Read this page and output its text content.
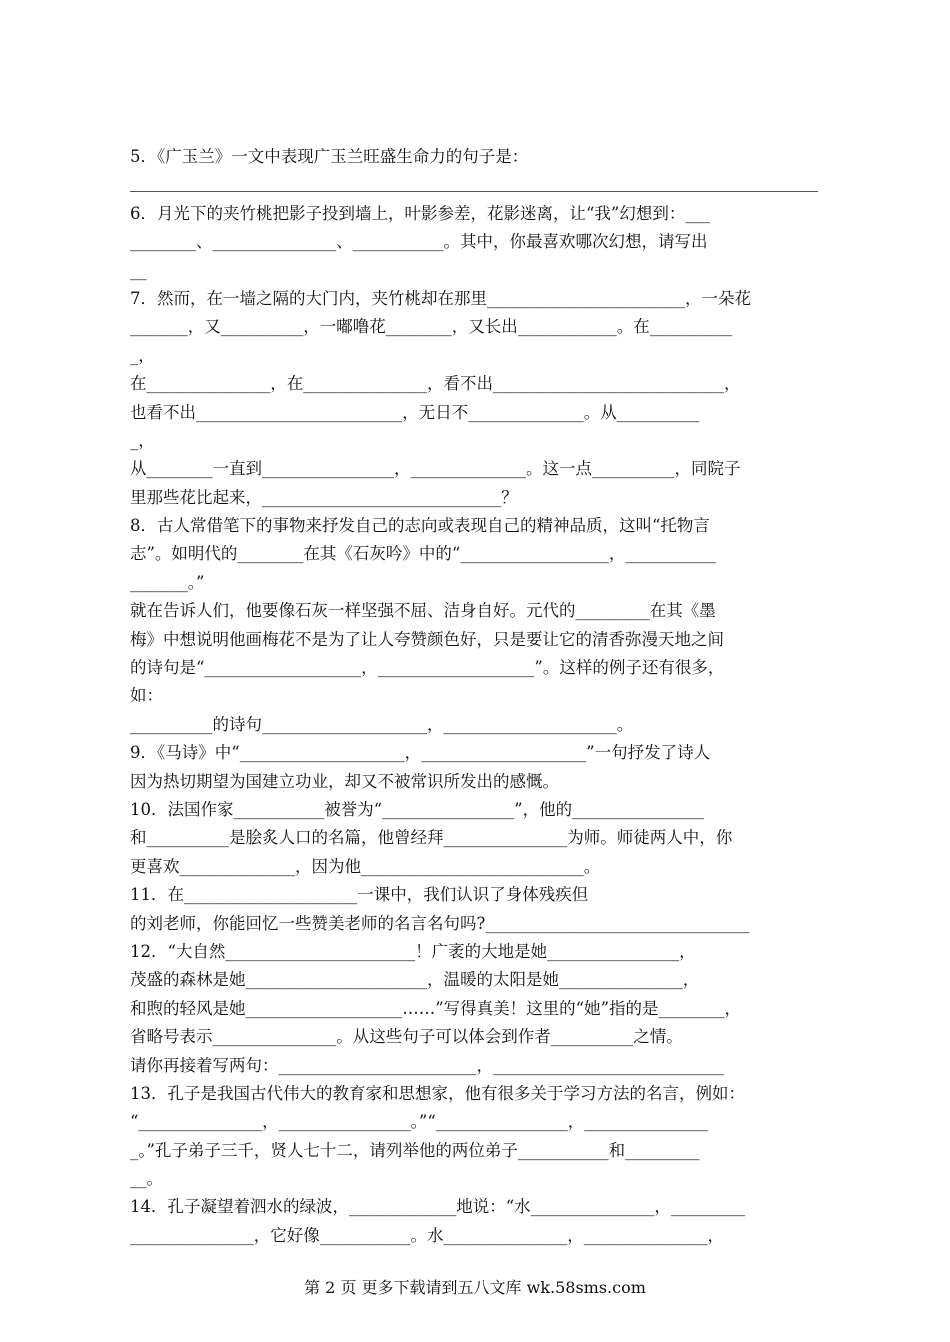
5．《广玉兰》一文中表现广玉兰旺盛生命力的句子是：
6．月光下的夹竹桃把影子投到墙上，叶影参差，花影迷离，让“我”幻想到：___
________、_______________、___________。其中，你最喜欢哪次幻想，请写出
__
7．然而，在一墙之隔的大门内，夹竹桃却在那里________________________，一朵花
_______，又__________，一嘟噜花________，又长出____________。在__________
_，
在_______________，在_______________，看不出____________________________，
也看不出_________________________，无日不______________。从__________
_，
从________一直到________________，______________。这一点__________，同院子
里那些花比起来，_____________________________？
8．古人常借笔下的事物来抒发自己的志向或表现自己的精神品质，这叫“托物言
志”。如明代的________在其《石灰吟》中的“__________________，___________
_______。”
就在告诉人们，他要像石灰一样坚强不屈、洁身自好。元代的_________在其《墨
梅》中想说明他画梅花不是为了让人夸赞颜色好，只是要让它的清香弥漫天地之间
的诗句是“___________________，___________________”。这样的例子还有很多，
如：
__________的诗句____________________，_____________________。
9．《马诗》中“____________________，____________________”一句抒发了诗人
因为热切期望为国建立功业，却又不被常识所发出的感慨。
10．法国作家___________被誉为“________________”，他的________________
和__________是脍炙人口的名篇，他曾经拜_______________为师。师徒两人中，你
更喜欢______________，因为他___________________________。
11．在_____________________一课中，我们认识了身体残疾但
的刘老师，你能回忆一些赞美老师的名言名句吗?________________________________
12．“大自然_______________________！广袤的大地是她________________，
茂盛的森林是她______________________，温暖的太阳是她_______________，
和煦的轻风是她___________________……”写得真美！这里的“她”指的是________，
省略号表示_______________。从这些句子可以体会到作者__________之情。
请你再接着写两句：________________________，____________________________
13．孔子是我国古代伟大的教育家和思想家，他有很多关于学习方法的名言，例如：
“_______________，________________。”“________________，_______________
_。”孔子弟子三千，贤人七十二，请列举他的两位弟子___________和_________
__。
14．孔子凝望着泗水的绿波，_____________地说：“水_______________，_________
_______________，它好像___________。水_______________，_______________，
第 2 页 更多下载请到五八文库 wk.58sms.com
